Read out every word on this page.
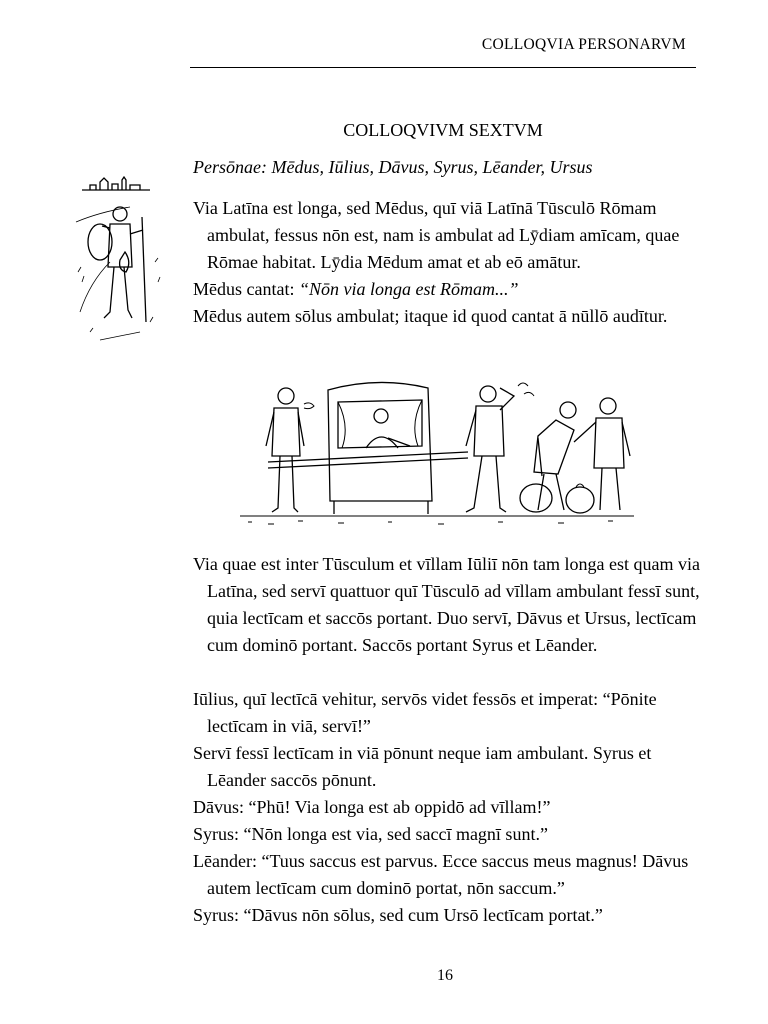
COLLOQVIA PERSONARVM
COLLOQVIVM SEXTVM
Persōnae: Mēdus, Iūlius, Dāvus, Syrus, Lēander, Ursus
Via Latīna est longa, sed Mēdus, quī viā Latīnā Tūsculō Rōmam ambulat, fessus nōn est, nam is ambulat ad Lȳdiam amīcam, quae Rōmae habitat. Lȳdia Mēdum amat et ab eō amātur.
Mēdus cantat: “Nōn via longa est Rōmam...”
Mēdus autem sōlus ambulat; itaque id quod cantat ā nūllō audītur.
Via quae est inter Tūsculum et vīllam Iūliī nōn tam longa est quam via Latīna, sed servī quattuor quī Tūsculō ad vīllam ambulant fessī sunt, quia lectīcam et saccōs portant. Duo servī, Dāvus et Ursus, lectīcam cum dominō portant. Saccōs portant Syrus et Lēander.
Iūlius, quī lectīcā vehitur, servōs videt fessōs et imperat: “Pōnite lectīcam in viā, servī!”
Servī fessī lectīcam in viā pōnunt neque iam ambulant. Syrus et Lēander saccōs pōnunt.
Dāvus: “Phū! Via longa est ab oppidō ad vīllam!”
Syrus: “Nōn longa est via, sed saccī magnī sunt.”
Lēander: “Tuus saccus est parvus. Ecce saccus meus magnus! Dāvus autem lectīcam cum dominō portat, nōn saccum.”
Syrus: “Dāvus nōn sōlus, sed cum Ursō lectīcam portat.”
16
